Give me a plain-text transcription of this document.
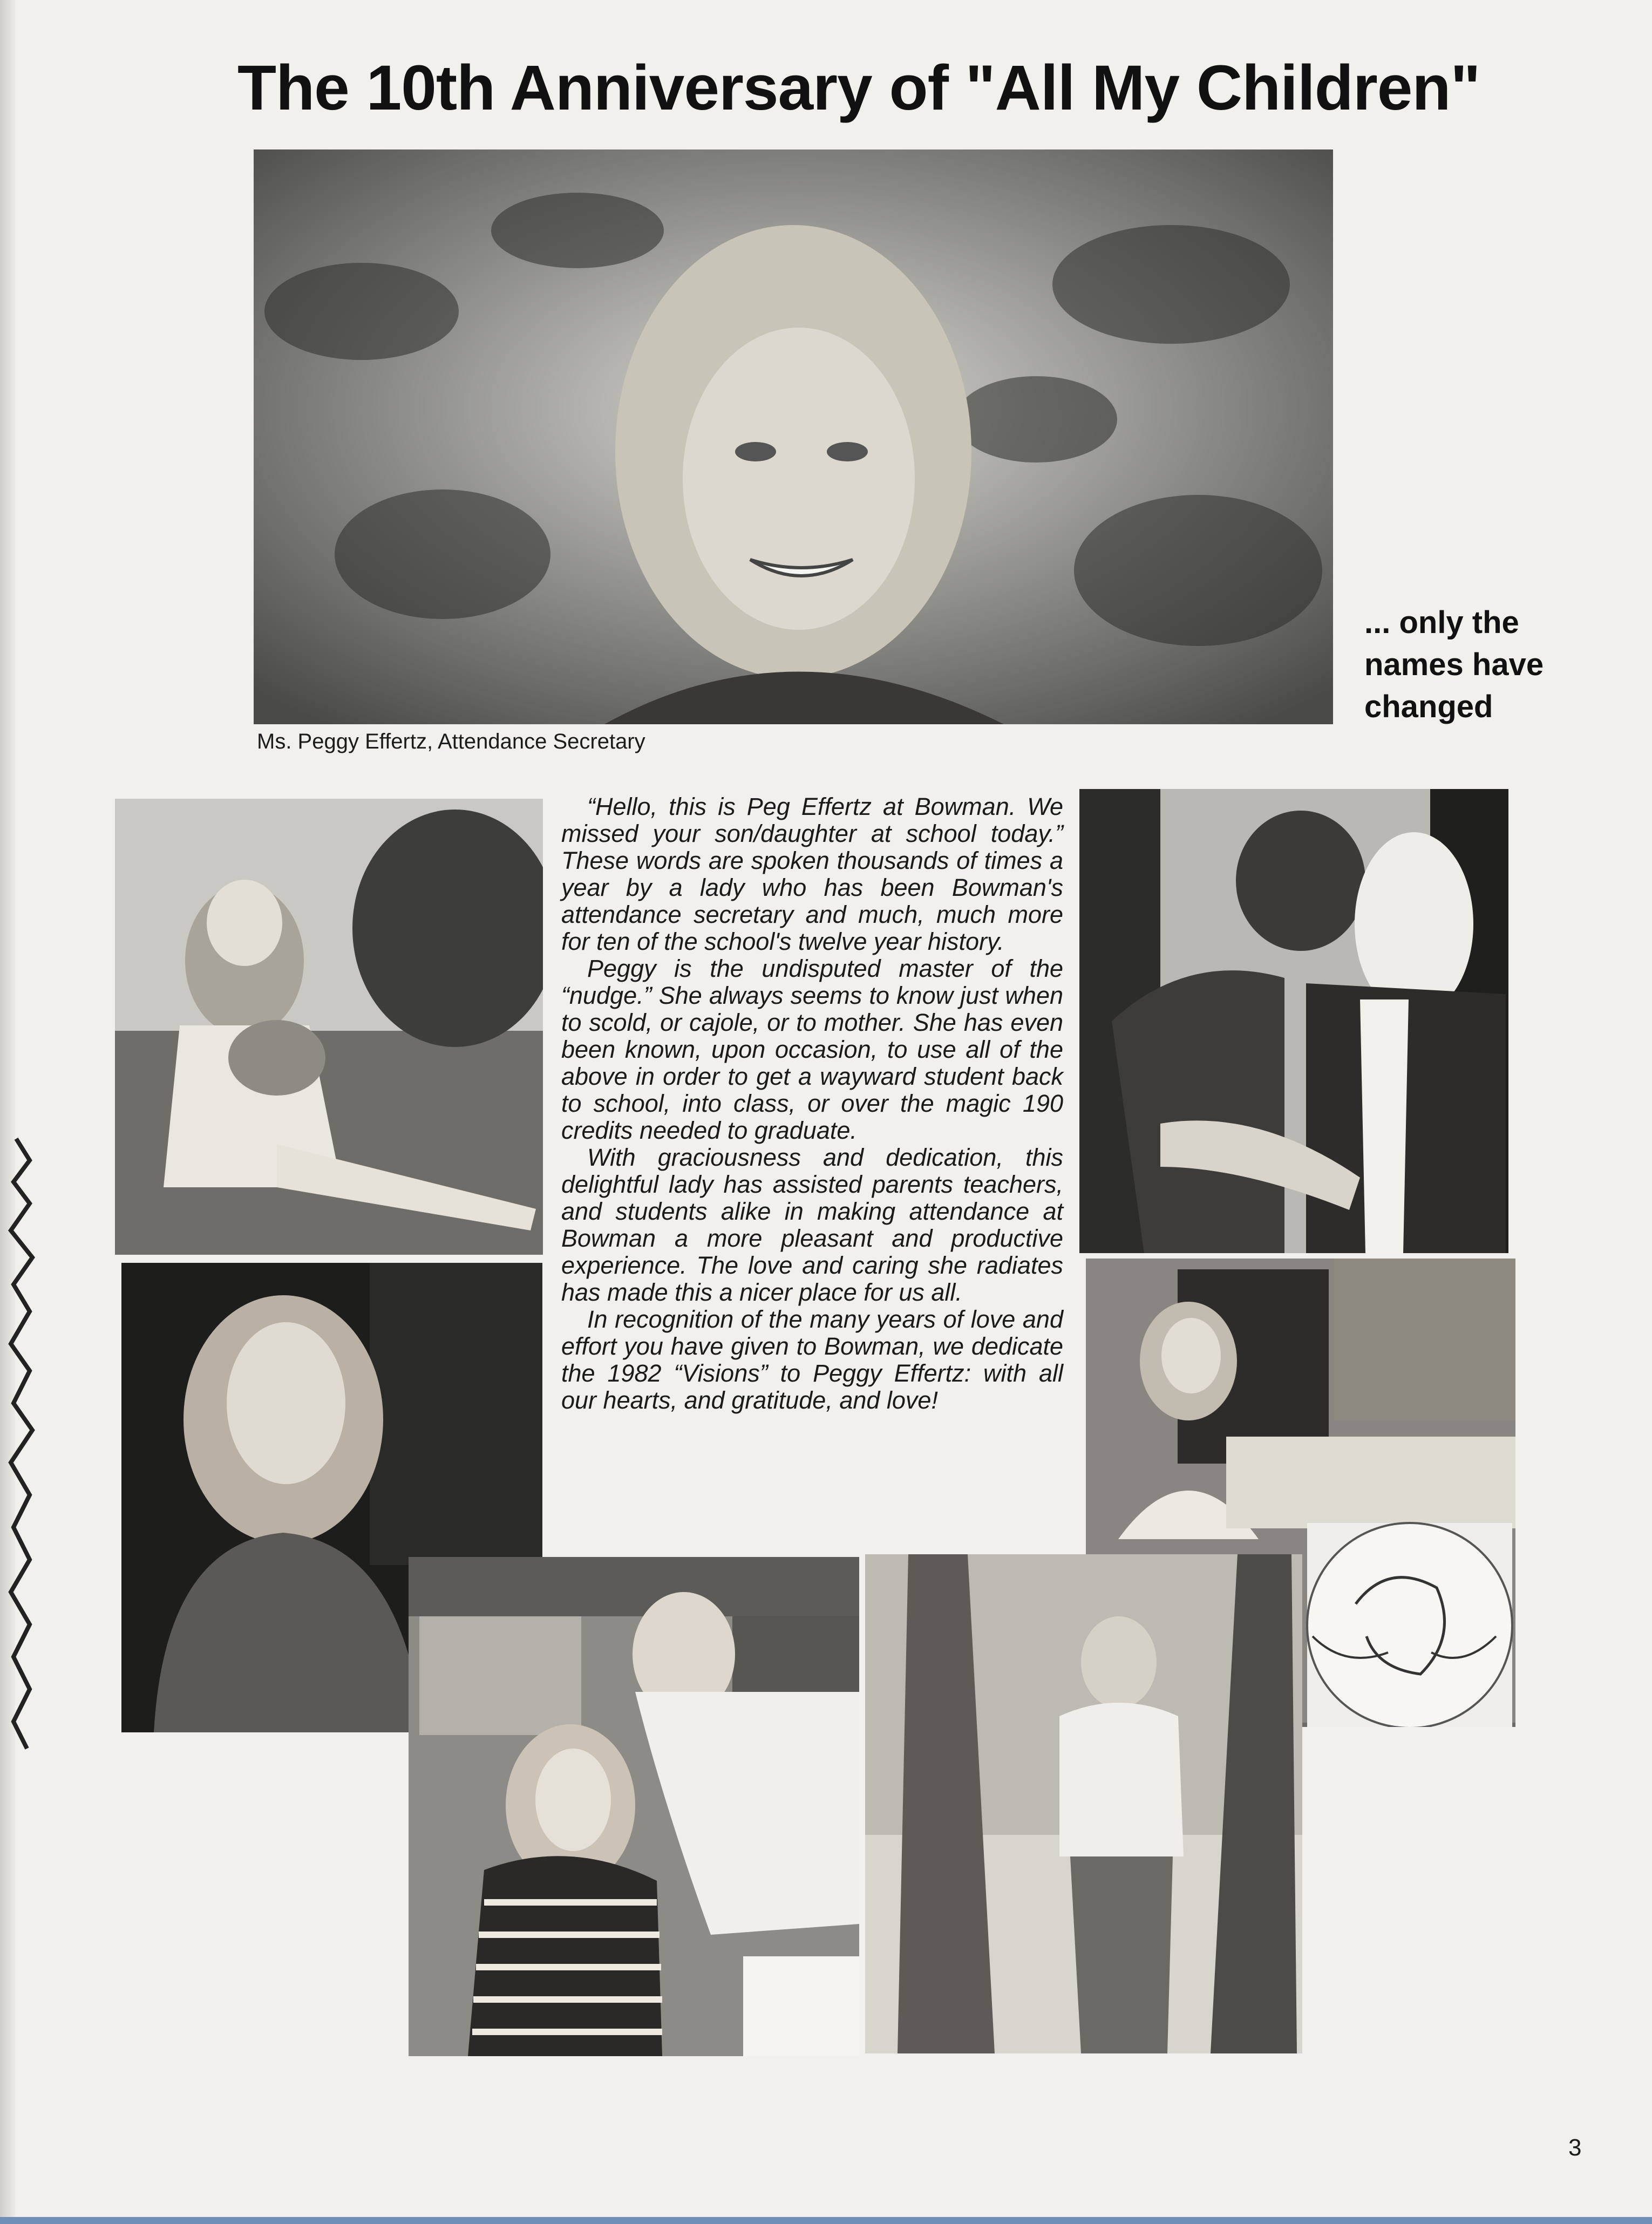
The 10th Anniversary of "All My Children"
Ms. Peggy Effertz, Attendance Secretary
... only the
names have
changed

“Hello, this is Peg Effertz at Bowman. We missed your son/daughter at school today.” These words are spoken thousands of times a year by a lady who has been Bowman's attendance secretary and much, much more for ten of the school's twelve year history.

Peggy is the undisputed master of the “nudge.” She always seems to know just when to scold, or cajole, or to mother. She has even been known, upon occasion, to use all of the above in order to get a wayward student back to school, into class, or over the magic 190 credits needed to graduate.

With graciousness and dedication, this delightful lady has assisted parents teachers, and students alike in making attendance at Bowman a more pleasant and productive experience. The love and caring she radiates has made this a nicer place for us all.

In recognition of the many years of love and effort you have given to Bowman, we dedicate the 1982 “Visions” to Peggy Effertz: with all our hearts, and gratitude, and love!

3
